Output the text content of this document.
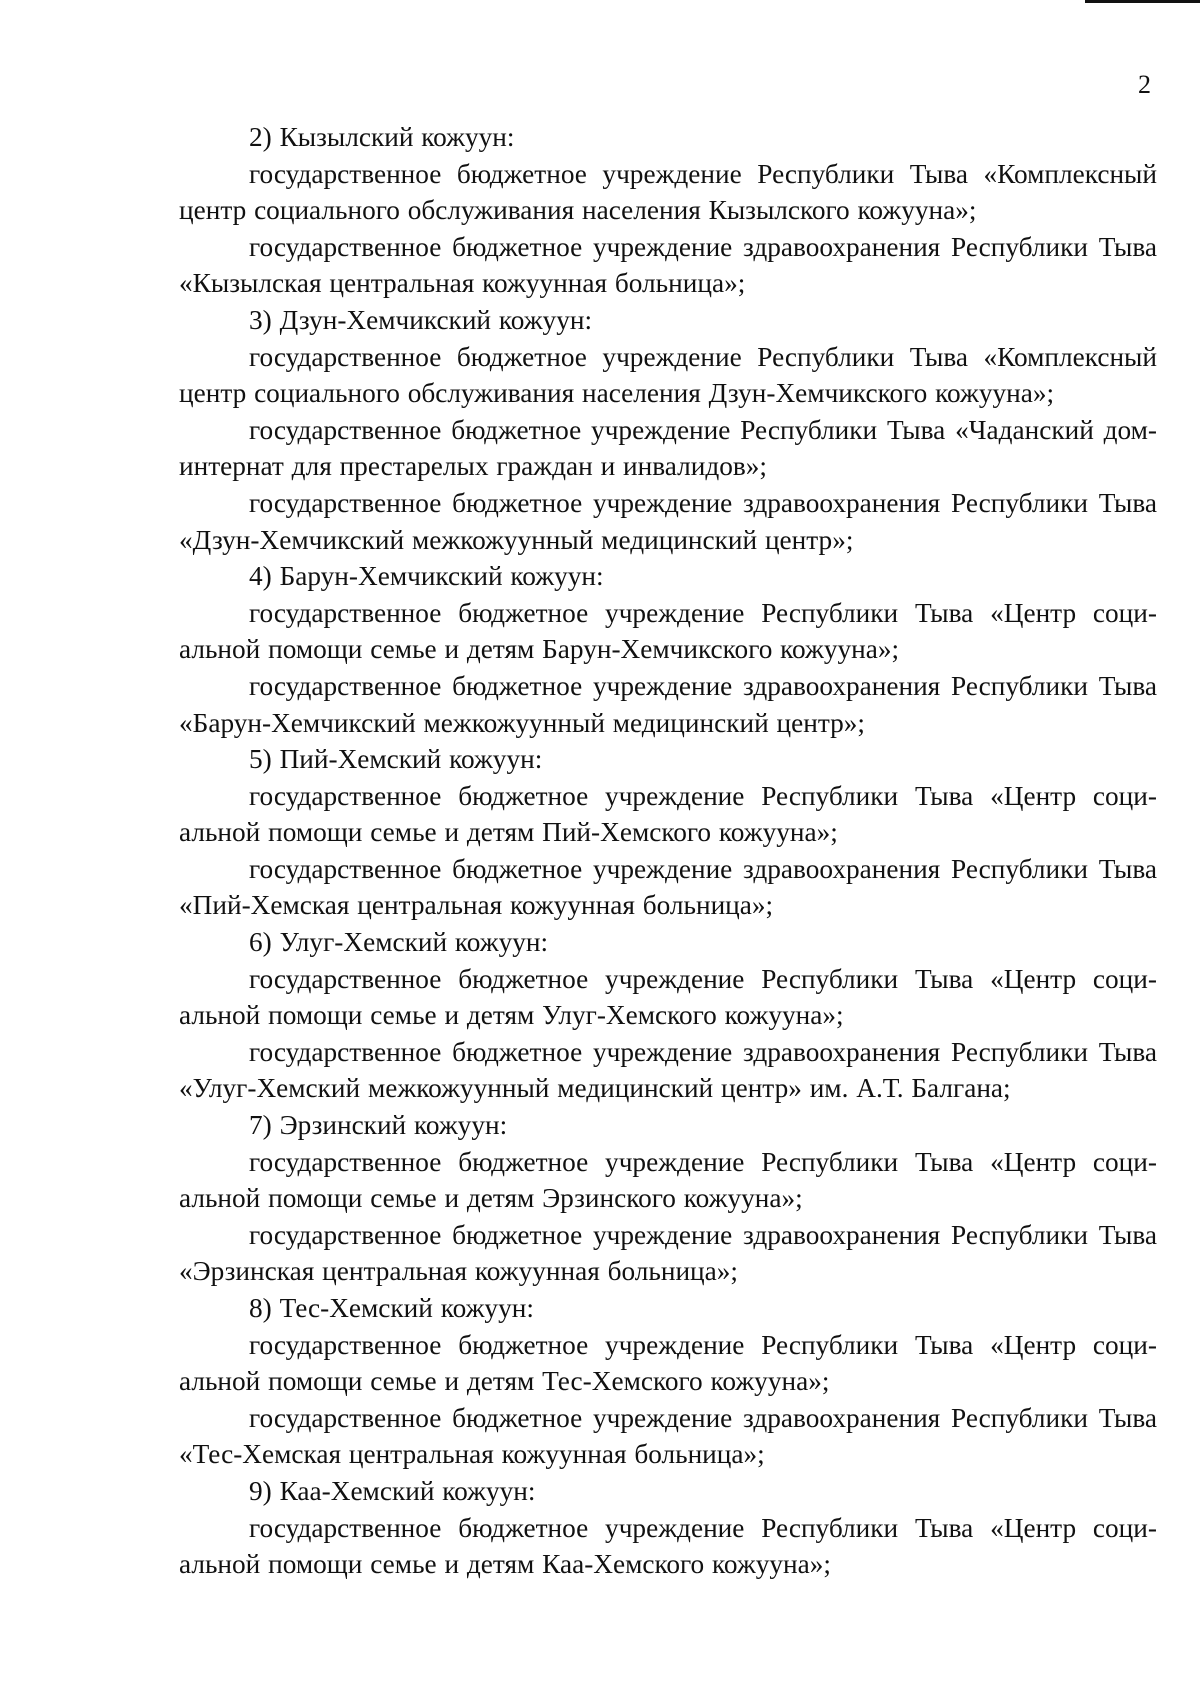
2

2) Кызылский кожуун:

государственное бюджетное учреждение Республики Тыва «Комплексный центр социального обслуживания населения Кызылского кожууна»;

государственное бюджетное учреждение здравоохранения Республики Тыва «Кызылская центральная кожуунная больница»;

3) Дзун-Хемчикский кожуун:

государственное бюджетное учреждение Республики Тыва «Комплексный центр социального обслуживания населения Дзун-Хемчикского кожууна»;

государственное бюджетное учреждение Республики Тыва «Чаданский дом-интернат для престарелых граждан и инвалидов»;

государственное бюджетное учреждение здравоохранения Республики Тыва «Дзун-Хемчикский межкожуунный медицинский центр»;

4) Барун-Хемчикский кожуун:

государственное бюджетное учреждение Республики Тыва «Центр социальной помощи семье и детям Барун-Хемчикского кожууна»;

государственное бюджетное учреждение здравоохранения Республики Тыва «Барун-Хемчикский межкожуунный медицинский центр»;

5) Пий-Хемский кожуун:

государственное бюджетное учреждение Республики Тыва «Центр социальной помощи семье и детям Пий-Хемского кожууна»;

государственное бюджетное учреждение здравоохранения Республики Тыва «Пий-Хемская центральная кожуунная больница»;

6) Улуг-Хемский кожуун:

государственное бюджетное учреждение Республики Тыва «Центр социальной помощи семье и детям Улуг-Хемского кожууна»;

государственное бюджетное учреждение здравоохранения Республики Тыва «Улуг-Хемский межкожуунный медицинский центр» им. А.Т. Балгана;

7) Эрзинский кожуун:

государственное бюджетное учреждение Республики Тыва «Центр социальной помощи семье и детям Эрзинского кожууна»;

государственное бюджетное учреждение здравоохранения Республики Тыва «Эрзинская центральная кожуунная больница»;

8) Тес-Хемский кожуун:

государственное бюджетное учреждение Республики Тыва «Центр социальной помощи семье и детям Тес-Хемского кожууна»;

государственное бюджетное учреждение здравоохранения Республики Тыва «Тес-Хемская центральная кожуунная больница»;

9) Каа-Хемский кожуун:

государственное бюджетное учреждение Республики Тыва «Центр социальной помощи семье и детям Каа-Хемского кожууна»;
